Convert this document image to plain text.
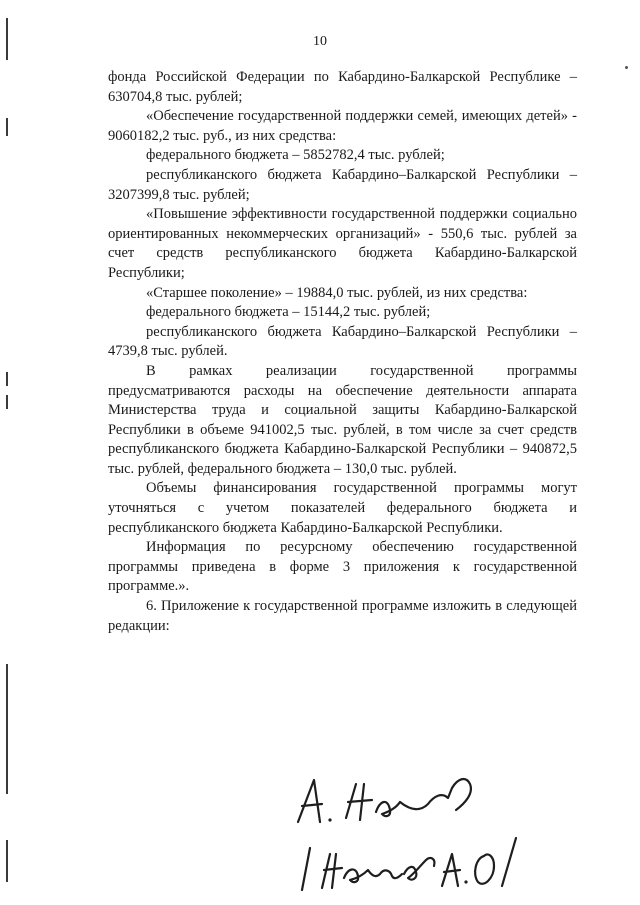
10

фонда Российской Федерации по Кабардино-Балкарской Республике – 630704,8 тыс. рублей;

«Обеспечение государственной поддержки семей, имеющих детей» - 9060182,2 тыс. руб., из них средства:

федерального бюджета – 5852782,4 тыс. рублей;

республиканского бюджета Кабардино–Балкарской Республики – 3207399,8 тыс. рублей;

«Повышение эффективности государственной поддержки социально ориентированных некоммерческих организаций» - 550,6 тыс. рублей за счет средств республиканского бюджета Кабардино-Балкарской Республики;

«Старшее поколение» – 19884,0 тыс. рублей, из них средства:

федерального бюджета – 15144,2 тыс. рублей;

республиканского бюджета Кабардино–Балкарской Республики – 4739,8 тыс. рублей.

В рамках реализации государственной программы предусматриваются расходы на обеспечение деятельности аппарата Министерства труда и социальной защиты Кабардино-Балкарской Республики в объеме 941002,5 тыс. рублей, в том числе за счет средств республиканского бюджета Кабардино-Балкарской Республики – 940872,5 тыс. рублей, федерального бюджета – 130,0 тыс. рублей.

Объемы финансирования государственной программы могут уточняться с учетом показателей федерального бюджета и республиканского бюджета Кабардино-Балкарской Республики.

Информация по ресурсному обеспечению государственной программы приведена в форме 3 приложения к государственной программе.».

6. Приложение к государственной программе изложить в следующей редакции:
